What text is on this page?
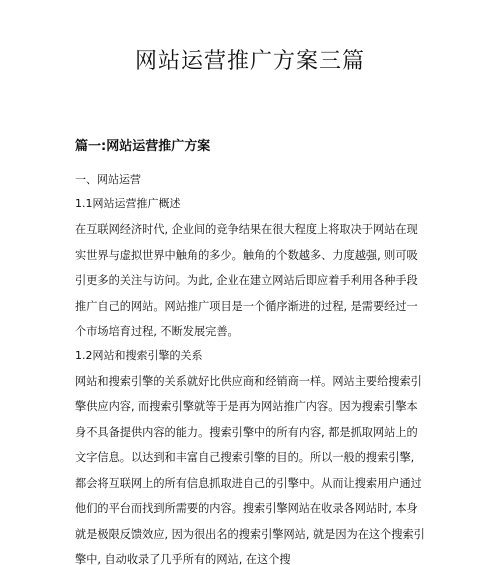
网站运营推广方案三篇
篇一:网站运营推广方案
一、网站运营
1.1网站运营推广概述

在互联网经济时代, 企业间的竞争结果在很大程度上将取决于网站在现实世界与虚拟世界中触角的多少。触角的个数越多、力度越强, 则可吸引更多的关注与访问。为此, 企业在建立网站后即应着手利用各种手段推广自己的网站。网站推广项目是一个循序渐进的过程, 是需要经过一个市场培育过程, 不断发展完善。

1.2网站和搜索引擎的关系

网站和搜索引擎的关系就好比供应商和经销商一样。网站主要给搜索引擎供应内容, 而搜索引擎就等于是再为网站推广内容。因为搜索引擎本身不具备提供内容的能力。搜索引擎中的所有内容, 都是抓取网站上的文字信息。以达到和丰富自己搜索引擎的目的。所以一般的搜索引擎, 都会将互联网上的所有信息抓取进自己的引擎中。从而让搜索用户通过他们的平台而找到所需要的内容。搜索引擎网站在收录各网站时, 本身就是极限反馈效应, 因为很出名的搜索引擎网站, 就是因为在这个搜索引擎中, 自动收录了几乎所有的网站, 在这个搜
